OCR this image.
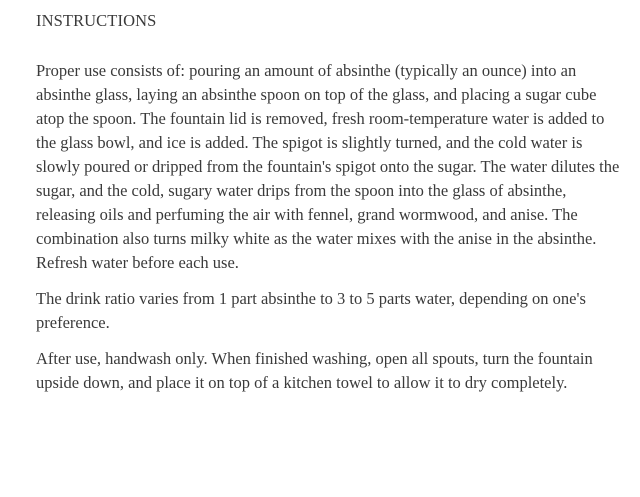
INSTRUCTIONS

Proper use consists of: pouring an amount of absinthe (typically an ounce) into an absinthe glass, laying an absinthe spoon on top of the glass, and placing a sugar cube atop the spoon. The fountain lid is removed, fresh room-temperature water is added to the glass bowl, and ice is added. The spigot is slightly turned, and the cold water is slowly poured or dripped from the fountain's spigot onto the sugar. The water dilutes the sugar, and the cold, sugary water drips from the spoon into the glass of absinthe, releasing oils and perfuming the air with fennel, grand wormwood, and anise. The combination also turns milky white as the water mixes with the anise in the absinthe. Refresh water before each use.

The drink ratio varies from 1 part absinthe to 3 to 5 parts water, depending on one's preference.

After use, handwash only. When finished washing, open all spouts, turn the fountain upside down, and place it on top of a kitchen towel to allow it to dry completely.
